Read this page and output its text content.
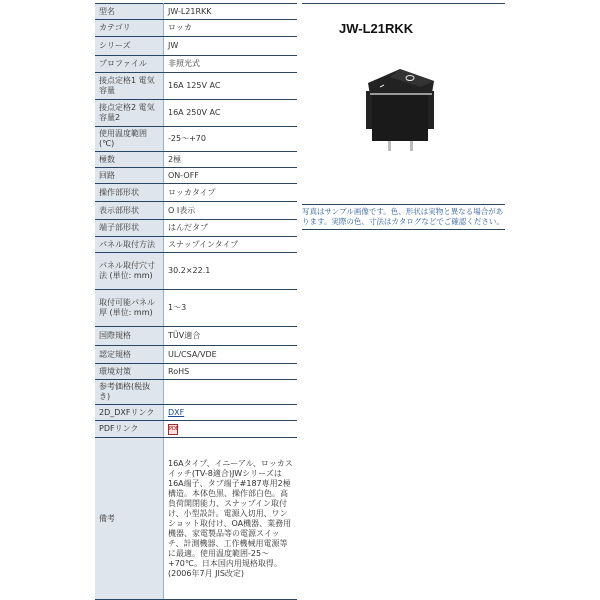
型名	JW-L21RKK
カテゴリ	ロッカ
シリーズ	JW
プロファイル	非照光式
接点定格1 電気容量	16A 125V AC
接点定格2 電気容量2	16A 250V AC
使用温度範囲(℃)	-25～+70
極数	2極
回路	ON-OFF
操作部形状	ロッカタイプ
表示部形状	O I表示
端子部形状	はんだタブ
パネル取付方法	スナップインタイプ
パネル取付穴寸法 (単位: mm)	30.2×22.1
取付可能パネル厚 (単位: mm)	1～3
国際規格	TÜV適合
認定規格	UL/CSA/VDE
環境対策	RoHS
参考価格(税抜き)	
2D_DXFリンク	DXF
PDFリンク	PDF
備考	16Aタイプ、イニーアル、ロッカスイッチ(TV-8適合)JWシリーズは16A端子、タブ端子#187専用2極構造。本体色黒、操作部白色。高負荷開閉能力、スナップイン取付け、小型設計。電源入切用、ワンショット取付け、OA機器、業務用機器、家電製品等の電源スイッチ、計測機器、工作機械用電源等に最適。使用温度範囲-25～+70℃。日本国内用規格取得。(2006年7月 JIS改定)
JW-L21RKK
写真はサンプル画像です。色、形状は実物と異なる場合があります。実際の色、寸法はカタログなどでご確認ください。
